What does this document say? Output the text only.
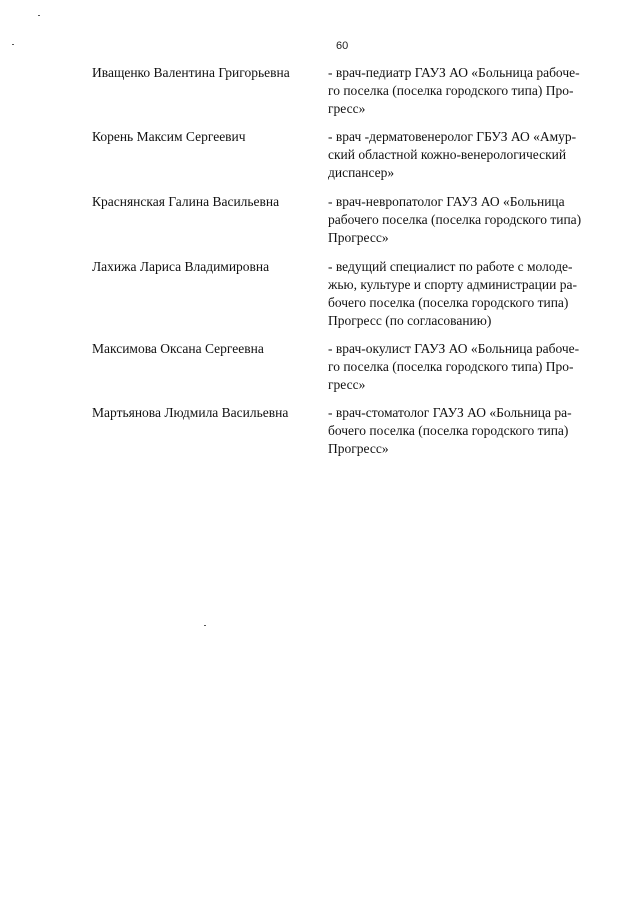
60
Иващенко Валентина Григорьевна	- врач-педиатр ГАУЗ АО «Больница рабоче-
го поселка (поселка городского типа) Про-
гресс»
Корень Максим Сергеевич	- врач -дерматовенеролог ГБУЗ АО «Амур-
ский областной кожно-венерологический
диспансер»
Краснянская Галина Васильевна	- врач-невропатолог ГАУЗ АО «Больница
рабочего поселка (поселка городского типа)
Прогресс»
Лахижа Лариса Владимировна	- ведущий специалист по работе с молоде-
жью, культуре и спорту администрации ра-
бочего поселка (поселка городского типа)
Прогресс (по согласованию)
Максимова Оксана Сергеевна	- врач-окулист ГАУЗ АО «Больница рабоче-
го поселка (поселка городского типа) Про-
гресс»
Мартьянова Людмила Васильевна	- врач-стоматолог ГАУЗ АО «Больница ра-
бочего поселка (поселка городского типа)
Прогресс»
